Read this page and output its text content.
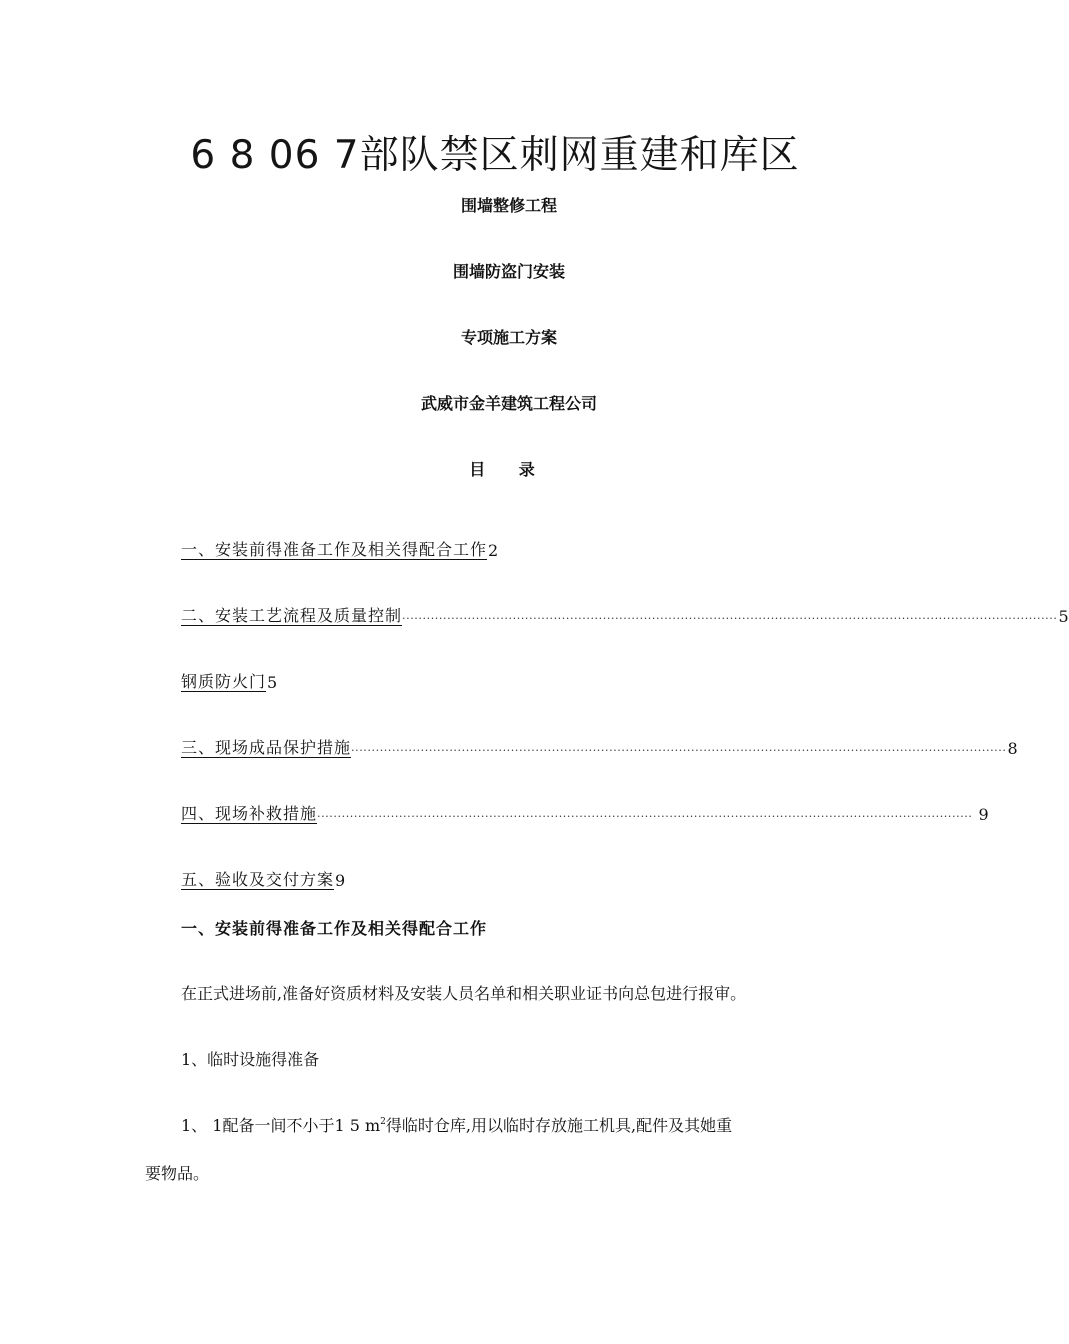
6 8 06 7部队禁区刺网重建和库区
围墙整修工程
围墙防盗门安装
专项施工方案
武威市金羊建筑工程公司
目 录
一、安装前得准备工作及相关得配合工作 2
二、安装工艺流程及质量控制 ................................................................................................................................................................ 5
钢质防火门 5
三、现场成品保护措施 ................................................................................................................................................................ 8
四、现场补救措施 ................................................................................................................................................................ 9
五、验收及交付方案 9
一、安装前得准备工作及相关得配合工作
在正式进场前,准备好资质材料及安装人员名单和相关职业证书向总包进行报审。
1、临时设施得准备
1、 1配备一间不小于1 5 $m^2$得临时仓库,用以临时存放施工机具,配件及其她重
要物品。
